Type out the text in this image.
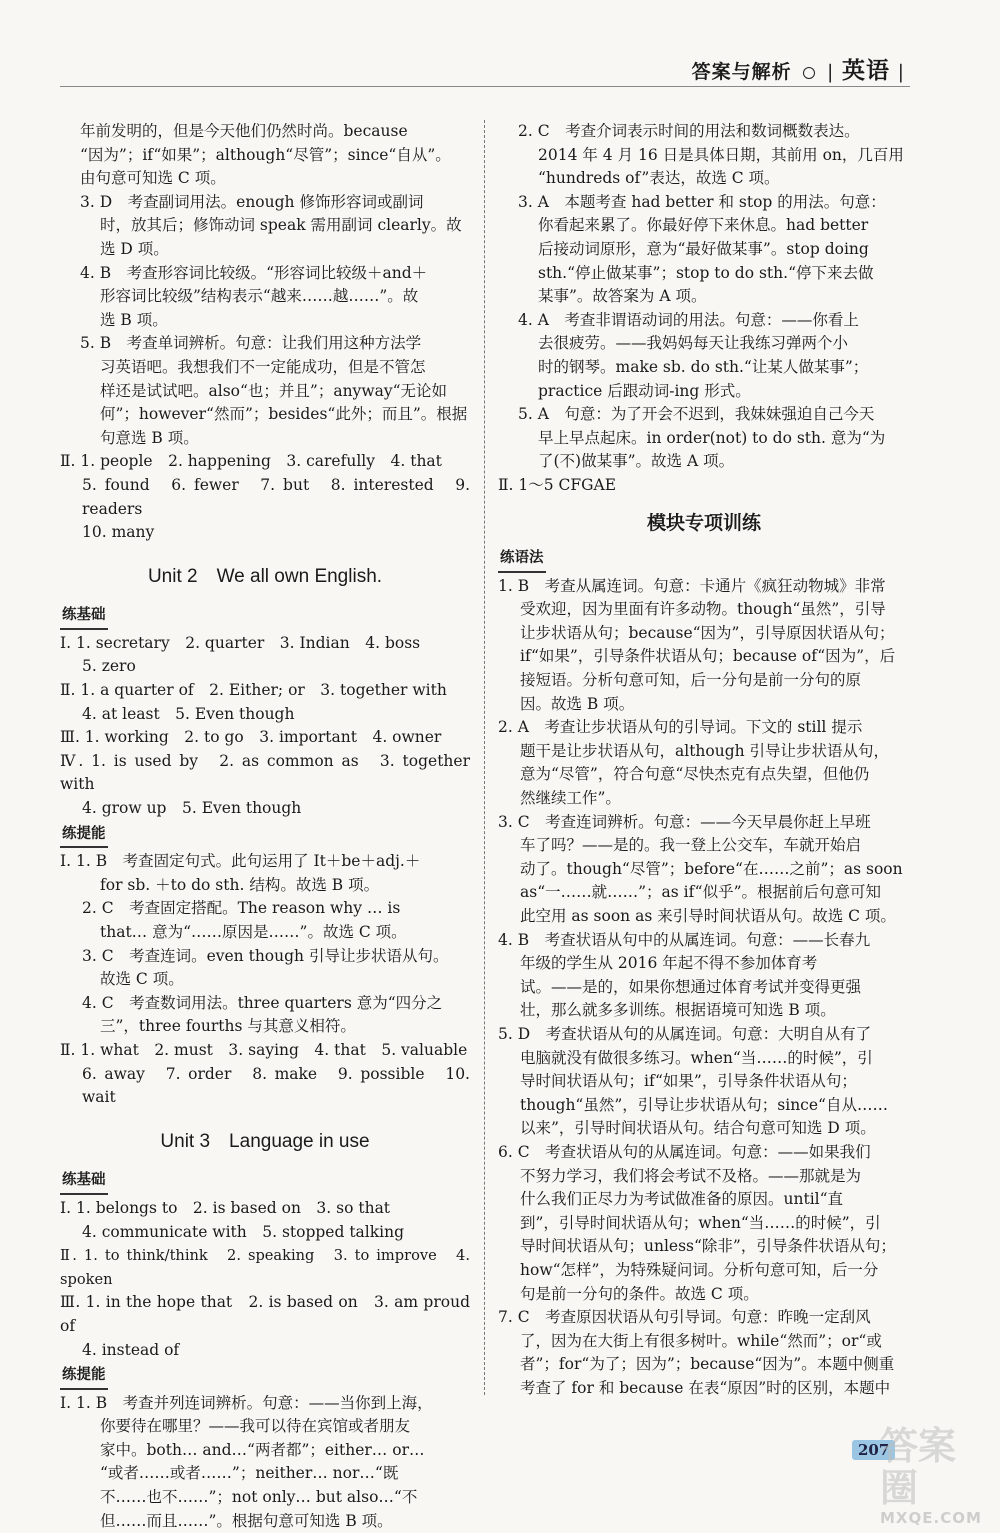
答案与解析 | 英语 |

年前发明的，但是今天他们仍然时尚。because

“因为”；if“如果”；although“尽管”；since“自从”。

由句意可知选 C 项。

3. D　考查副词用法。enough 修饰形容词或副词

时，放其后；修饰动词 speak 需用副词 clearly。故

选 D 项。

4. B　考查形容词比较级。“形容词比较级＋and＋

形容词比较级”结构表示“越来……越……”。故

选 B 项。

5. B　考查单词辨析。句意：让我们用这种方法学

习英语吧。我想我们不一定能成功，但是不管怎

样还是试试吧。also“也；并且”；anyway“无论如

何”；however“然而”；besides“此外；而且”。根据

句意选 B 项。

Ⅱ. 1. people　2. happening　3. carefully　4. that

5. found　6. fewer　7. but　8. interested　9. readers

10. many

Unit 2　We all own English.
练基础

Ⅰ. 1. secretary　2. quarter　3. Indian　4. boss

5. zero

Ⅱ. 1. a quarter of　2. Either; or　3. together with

4. at least　5. Even though

Ⅲ. 1. working　2. to go　3. important　4. owner

Ⅳ. 1. is used by　2. as common as　3. together with

4. grow up　5. Even though

练提能

Ⅰ. 1. B　考查固定句式。此句运用了 It＋be＋adj.＋

for sb. ＋to do sth. 结构。故选 B 项。

2. C　考查固定搭配。The reason why … is

that… 意为“……原因是……”。故选 C 项。

3. C　考查连词。even though 引导让步状语从句。

故选 C 项。

4. C　考查数词用法。three quarters 意为“四分之

三”，three fourths 与其意义相符。

Ⅱ. 1. what　2. must　3. saying　4. that　5. valuable

6. away　7. order　8. make　9. possible　10. wait

Unit 3　Language in use
练基础

Ⅰ. 1. belongs to　2. is based on　3. so that

4. communicate with　5. stopped talking

Ⅱ. 1. to think/think　2. speaking　3. to improve　4. spoken

Ⅲ. 1. in the hope that　2. is based on　3. am proud of

4. instead of

练提能

Ⅰ. 1. B　考查并列连词辨析。句意：——当你到上海，

你要待在哪里？——我可以待在宾馆或者朋友

家中。both… and…“两者都”；either… or…

“或者……或者……”；neither… nor…“既

不……也不……”；not only… but also…“不

但……而且……”。根据句意可知选 B 项。

2. C　考查介词表示时间的用法和数词概数表达。

2014 年 4 月 16 日是具体日期，其前用 on，几百用

“hundreds of”表达，故选 C 项。

3. A　本题考查 had better 和 stop 的用法。句意：

你看起来累了。你最好停下来休息。had better

后接动词原形，意为“最好做某事”。stop doing

sth.“停止做某事”；stop to do sth.“停下来去做

某事”。故答案为 A 项。

4. A　考查非谓语动词的用法。句意：——你看上

去很疲劳。——我妈妈每天让我练习弹两个小

时的钢琴。make sb. do sth.“让某人做某事”；

practice 后跟动词-ing 形式。

5. A　句意：为了开会不迟到，我妹妹强迫自己今天

早上早点起床。in order(not) to do sth. 意为“为

了(不)做某事”。故选 A 项。

Ⅱ. 1～5 CFGAE

模块专项训练
练语法

1. B　考查从属连词。句意：卡通片《疯狂动物城》非常

受欢迎，因为里面有许多动物。though“虽然”，引导

让步状语从句；because“因为”，引导原因状语从句；

if“如果”，引导条件状语从句；because of“因为”，后

接短语。分析句意可知，后一分句是前一分句的原

因。故选 B 项。

2. A　考查让步状语从句的引导词。下文的 still 提示

题干是让步状语从句，although 引导让步状语从句，

意为“尽管”，符合句意“尽快杰克有点失望，但他仍

然继续工作”。

3. C　考查连词辨析。句意：——今天早晨你赶上早班

车了吗？——是的。我一登上公交车，车就开始启

动了。though“尽管”；before“在……之前”；as soon

as“一……就……”；as if“似乎”。根据前后句意可知

此空用 as soon as 来引导时间状语从句。故选 C 项。

4. B　考查状语从句中的从属连词。句意：——长春九

年级的学生从 2016 年起不得不参加体育考

试。——是的，如果你想通过体育考试并变得更强

壮，那么就多多训练。根据语境可知选 B 项。

5. D　考查状语从句的从属连词。句意：大明自从有了

电脑就没有做很多练习。when“当……的时候”，引

导时间状语从句；if“如果”，引导条件状语从句；

though“虽然”，引导让步状语从句；since“自从……

以来”，引导时间状语从句。结合句意可知选 D 项。

6. C　考查状语从句的从属连词。句意：——如果我们

不努力学习，我们将会考试不及格。——那就是为

什么我们正尽力为考试做准备的原因。until“直

到”，引导时间状语从句；when“当……的时候”，引

导时间状语从句；unless“除非”，引导条件状语从句；

how“怎样”，为特殊疑问词。分析句意可知，后一分

句是前一分句的条件。故选 C 项。

7. C　考查原因状语从句引导词。句意：昨晚一定刮风

了，因为在大街上有很多树叶。while“然而”；or“或

者”；for“为了；因为”；because“因为”。本题中侧重

考查了 for 和 because 在表“原因”时的区别，本题中

207
答案圈
MXQE.COM
